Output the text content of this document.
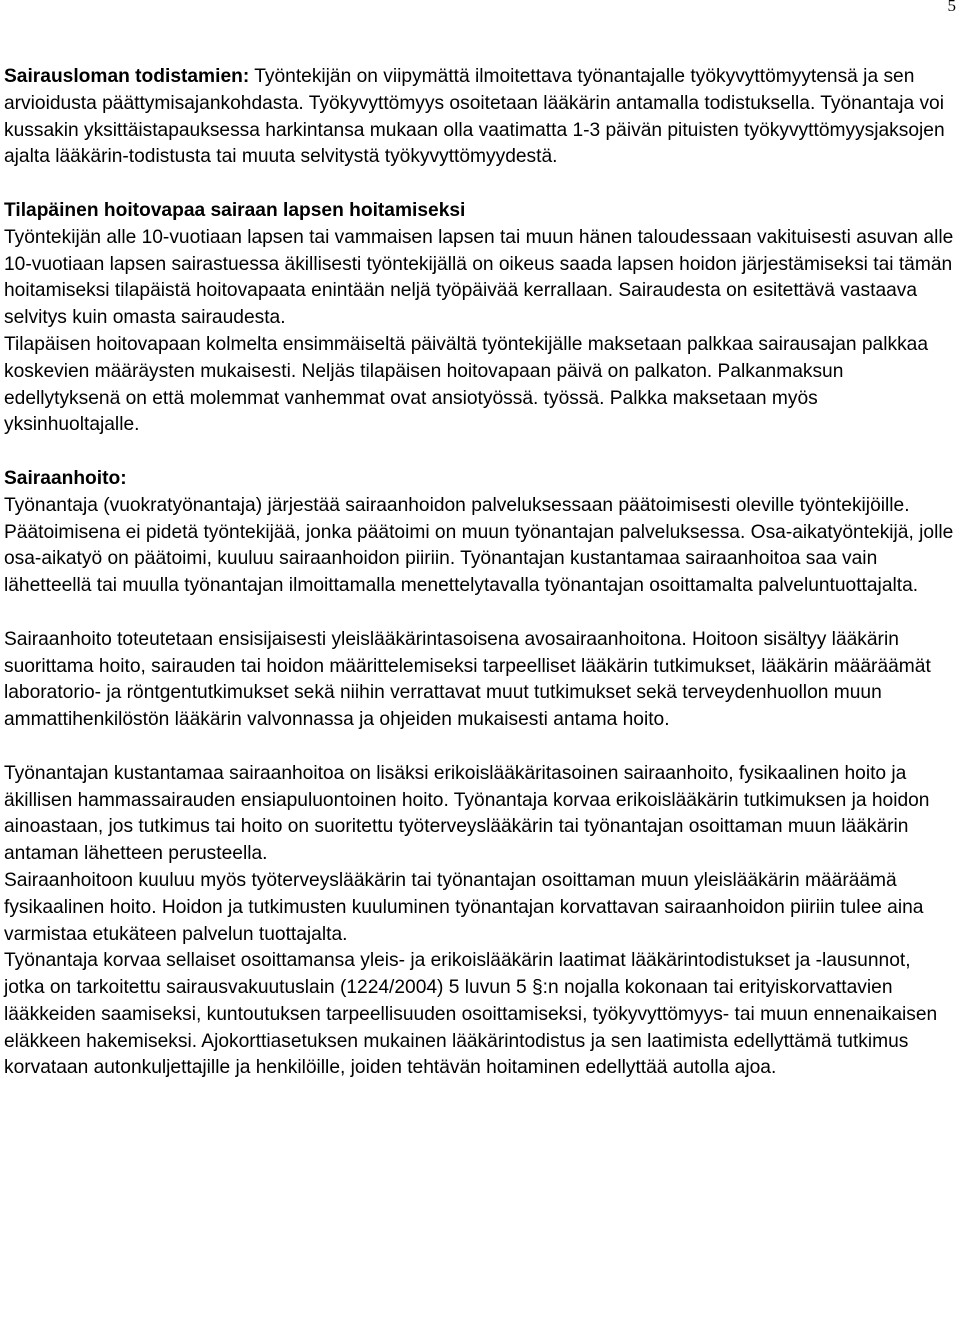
5

Sairausloman todistamien: Työntekijän on viipymättä ilmoitettava työnantajalle työkyvyttömyytensä ja sen arvioidusta päättymisajankohdasta. Työkyvyttömyys osoitetaan lääkärin antamalla todistuksella. Työnantaja voi kussakin yksittäistapauksessa harkintansa mukaan olla vaatimatta 1-3 päivän pituisten työkyvyttömyysjaksojen ajalta lääkärin-todistusta tai muuta selvitystä työkyvyttömyydestä.

Tilapäinen hoitovapaa sairaan lapsen hoitamiseksi

Työntekijän alle 10-vuotiaan lapsen tai vammaisen lapsen tai muun hänen taloudessaan vakituisesti asuvan alle 10-vuotiaan lapsen sairastuessa äkillisesti työntekijällä on oikeus saada lapsen hoidon järjestämiseksi tai tämän hoitamiseksi tilapäistä hoitovapaata enintään neljä työpäivää kerrallaan. Sairaudesta on esitettävä vastaava selvitys kuin omasta sairaudesta.

Tilapäisen hoitovapaan kolmelta ensimmäiseltä päivältä työntekijälle maksetaan palkkaa sairausajan palkkaa koskevien määräysten mukaisesti. Neljäs tilapäisen hoitovapaan päivä on palkaton. Palkanmaksun edellytyksenä on että molemmat vanhemmat ovat ansiotyössä. työssä. Palkka maksetaan myös yksinhuoltajalle.

Sairaanhoito:

Työnantaja (vuokratyönantaja) järjestää sairaanhoidon palveluksessaan päätoimisesti oleville työntekijöille. Päätoimisena ei pidetä työntekijää, jonka päätoimi on muun työnantajan palveluksessa. Osa-aikatyöntekijä, jolle osa-aikatyö on päätoimi, kuuluu sairaanhoidon piiriin. Työnantajan kustantamaa sairaanhoitoa saa vain lähetteellä tai muulla työnantajan ilmoittamalla menettelytavalla työnantajan osoittamalta palveluntuottajalta.

Sairaanhoito toteutetaan ensisijaisesti yleislääkärintasoisena avosairaanhoitona. Hoitoon sisältyy lääkärin suorittama hoito, sairauden tai hoidon määrittelemiseksi tarpeelliset lääkärin tutkimukset, lääkärin määräämät laboratorio- ja röntgentutkimukset sekä niihin verrattavat muut tutkimukset sekä terveydenhuollon muun ammattihenkilöstön lääkärin valvonnassa ja ohjeiden mukaisesti antama hoito.

Työnantajan kustantamaa sairaanhoitoa on lisäksi erikoislääkäritasoinen sairaanhoito, fysikaalinen hoito ja äkillisen hammassairauden ensiapuluontoinen hoito. Työnantaja korvaa erikoislääkärin tutkimuksen ja hoidon ainoastaan, jos tutkimus tai hoito on suoritettu työterveyslääkärin tai työnantajan osoittaman muun lääkärin antaman lähetteen perusteella.

Sairaanhoitoon kuuluu myös työterveyslääkärin tai työnantajan osoittaman muun yleislääkärin määräämä fysikaalinen hoito. Hoidon ja tutkimusten kuuluminen työnantajan korvattavan sairaanhoidon piiriin tulee aina varmistaa etukäteen palvelun tuottajalta.

Työnantaja korvaa sellaiset osoittamansa yleis- ja erikoislääkärin laatimat lääkärintodistukset ja -lausunnot, jotka on tarkoitettu sairausvakuutuslain (1224/2004) 5 luvun 5 §:n nojalla kokonaan tai erityiskorvattavien lääkkeiden saamiseksi, kuntoutuksen tarpeellisuuden osoittamiseksi, työkyvyttömyys- tai muun ennenaikaisen eläkkeen hakemiseksi. Ajokorttiasetuksen mukainen lääkärintodistus ja sen laatimista edellyttämä tutkimus korvataan autonkuljettajille ja henkilöille, joiden tehtävän hoitaminen edellyttää autolla ajoa.
